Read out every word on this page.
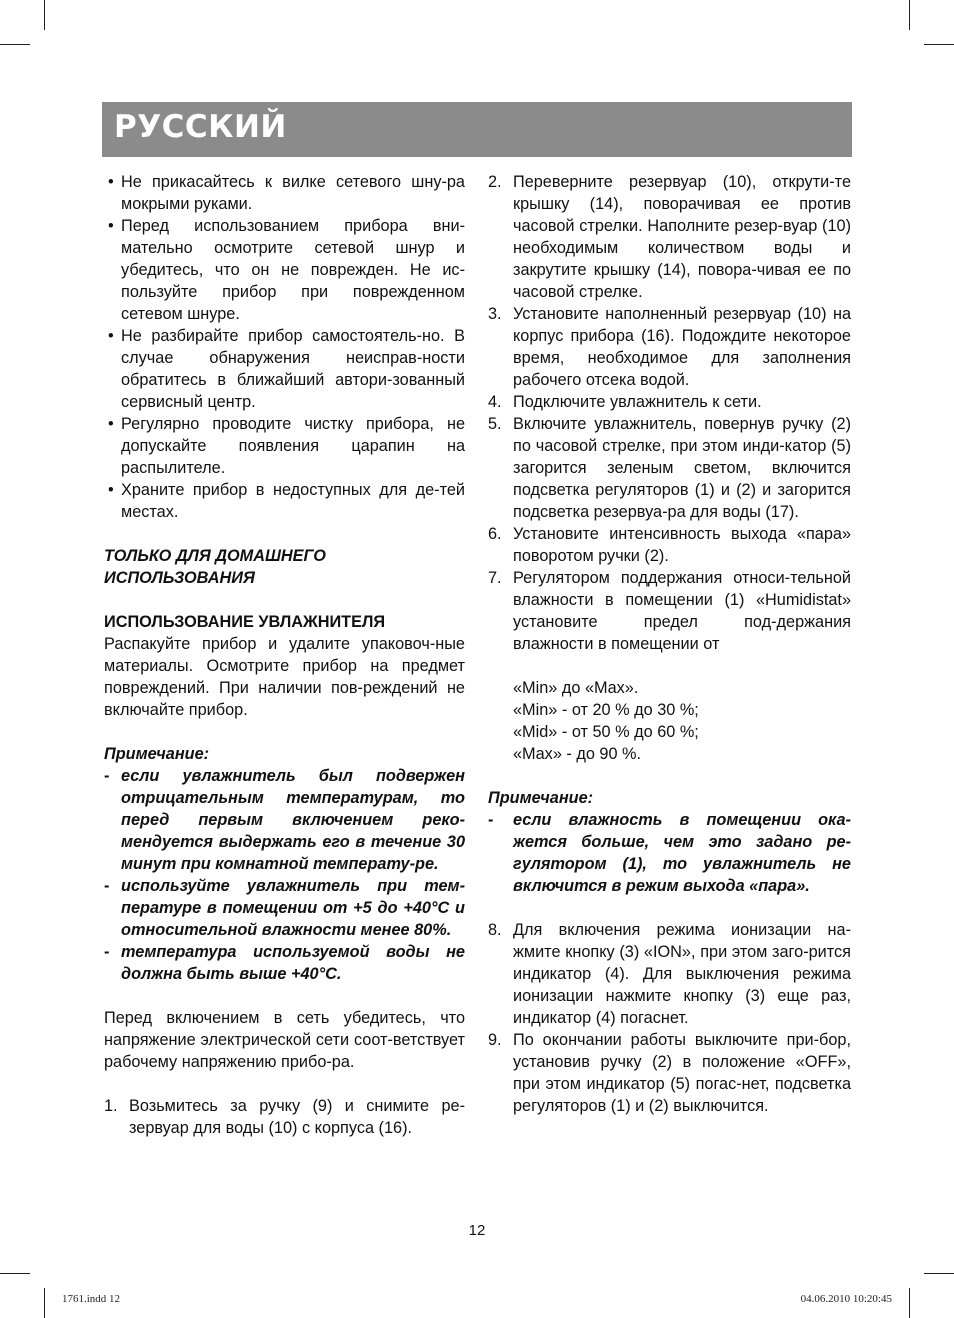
РУССКИЙ
• Не прикасайтесь к вилке сетевого шну-ра мокрыми руками.
• Перед использованием прибора вни-мательно осмотрите сетевой шнур и убедитесь, что он не поврежден. Не ис-пользуйте прибор при поврежденном сетевом шнуре.
• Не разбирайте прибор самостоятель-но. В случае обнаружения неисправ-ности обратитесь в ближайший автори-зованный сервисный центр.
• Регулярно проводите чистку прибора, не допускайте появления царапин на распылителе.
• Храните прибор в недоступных для де-тей местах.
ТОЛЬКО ДЛЯ ДОМАШНЕГО
ИСПОЛЬЗОВАНИЯ
ИСПОЛЬЗОВАНИЕ УВЛАЖНИТЕЛЯ
Распакуйте прибор и удалите упаковоч-ные материалы. Осмотрите прибор на предмет повреждений. При наличии пов-реждений не включайте прибор.
Примечание:
- если увлажнитель был подвержен отрицательным температурам, то перед первым включением реко-мендуется выдержать его в течение 30 минут при комнатной температу-ре.
- используйте увлажнитель при тем-пературе в помещении от +5 до +40°С и относительной влажности менее 80%.
- температура используемой воды не должна быть выше +40°С.
Перед включением в сеть убедитесь, что напряжение электрической сети соот-ветствует рабочему напряжению прибо-ра.
1. Возьмитесь за ручку (9) и снимите ре-зервуар для воды (10) с корпуса (16).
2. Переверните резервуар (10), открути-те крышку (14), поворачивая ее против часовой стрелки. Наполните резер-вуар (10) необходимым количеством воды и закрутите крышку (14), повора-чивая ее по часовой стрелке.
3. Установите наполненный резервуар (10) на корпус прибора (16). Подождите некоторое время, необходимое для заполнения рабочего отсека водой.
4. Подключите увлажнитель к сети.
5. Включите увлажнитель, повернув ручку (2) по часовой стрелке, при этом инди-катор (5) загорится зеленым светом, включится подсветка регуляторов (1) и (2) и загорится подсветка резервуа-ра для воды (17).
6. Установите интенсивность выхода «пара» поворотом ручки (2).
7. Регулятором поддержания относи-тельной влажности в помещении (1) «Humidistat» установите предел под-держания влажности в помещении от
«Min» до «Max».
«Min» - от 20 % до 30 %;
«Mid» - от 50 % до 60 %;
«Max» - до 90 %.
Примечание:
- если влажность в помещении ока-жется больше, чем это задано ре-гулятором (1), то увлажнитель не включится в режим выхода «пара».
8. Для включения режима ионизации на-жмите кнопку (3) «ION», при этом заго-рится индикатор (4). Для выключения режима ионизации нажмите кнопку (3) еще раз, индикатор (4) погаснет.
9. По окончании работы выключите при-бор, установив ручку (2) в положение «OFF», при этом индикатор (5) погас-нет, подсветка регуляторов (1) и (2) выключится.
12
1761.indd 12	04.06.2010 10:20:45
